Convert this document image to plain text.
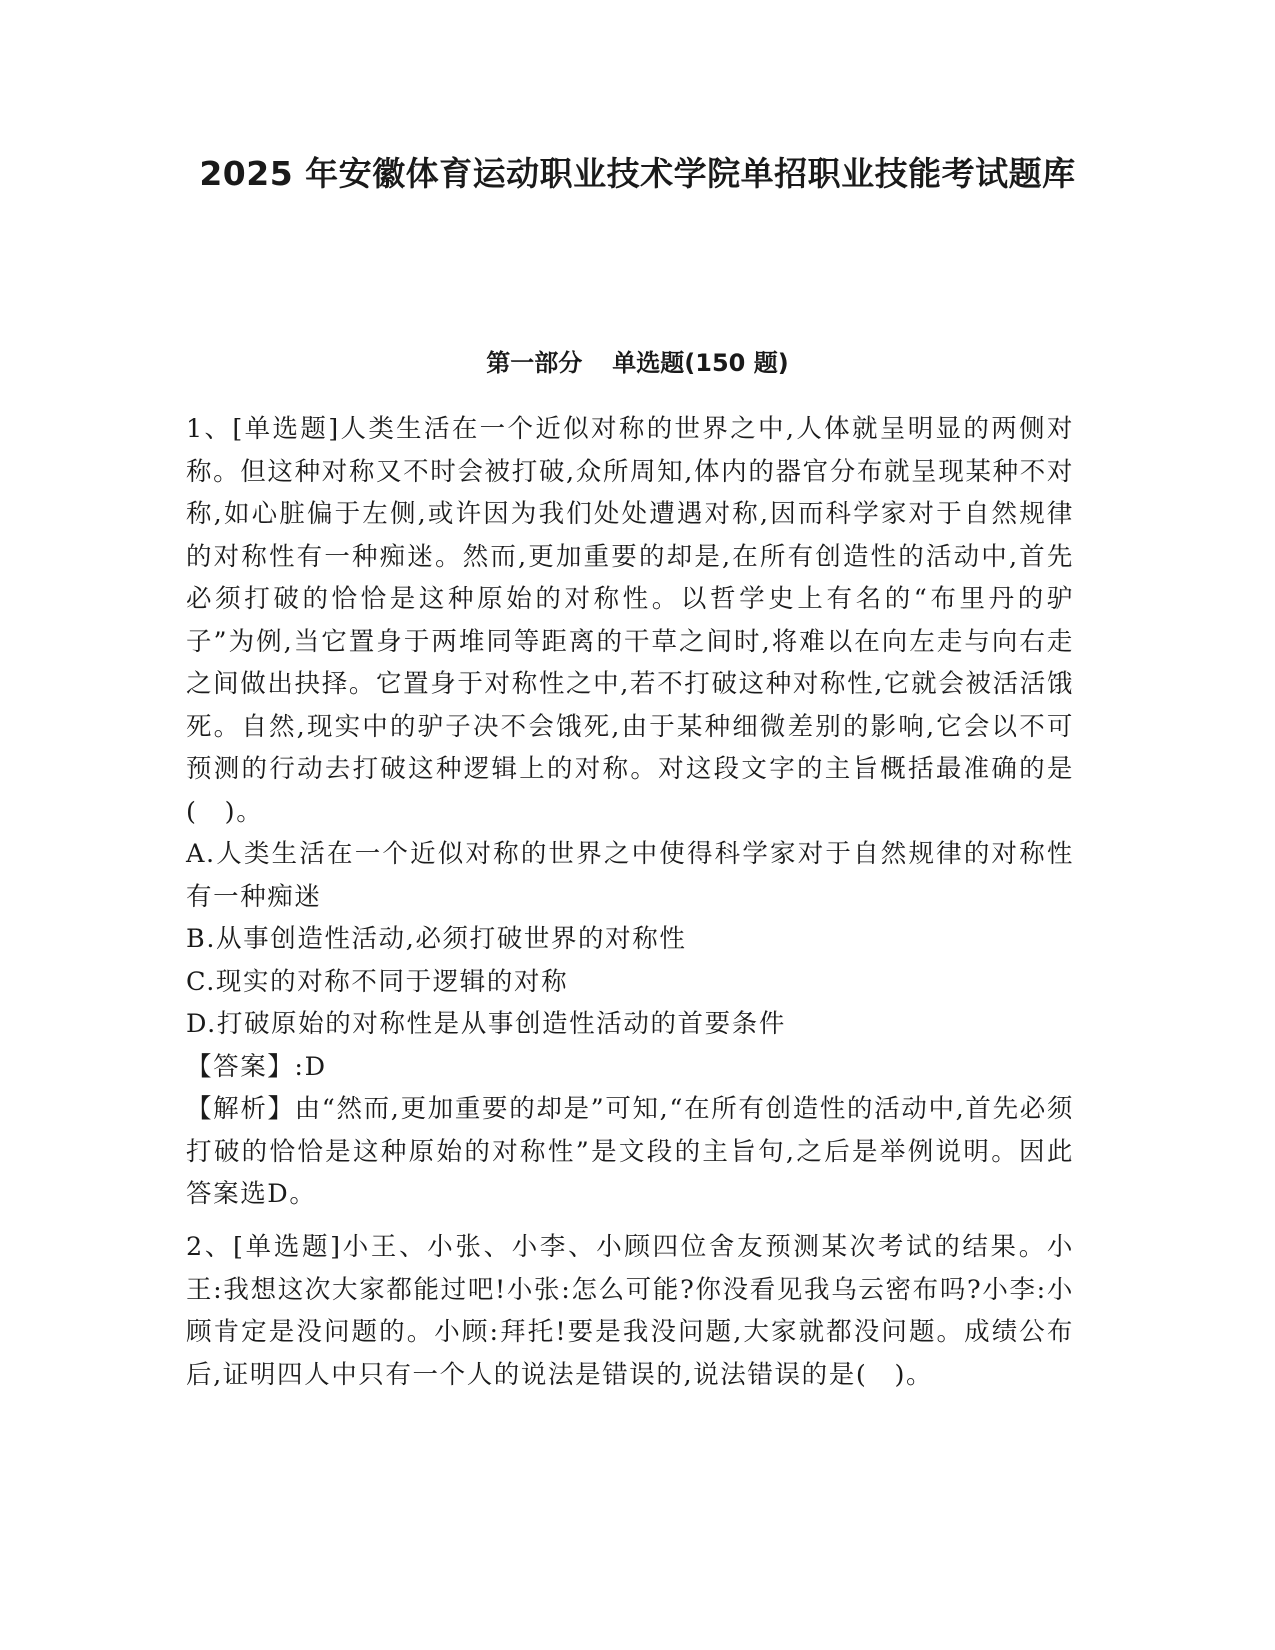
2025 年安徽体育运动职业技术学院单招职业技能考试题库
第一部分 单选题(150 题)

1、[单选题]人类生活在一个近似对称的世界之中,人体就呈明显的两侧对称。但这种对称又不时会被打破,众所周知,体内的器官分布就呈现某种不对称,如心脏偏于左侧,或许因为我们处处遭遇对称,因而科学家对于自然规律的对称性有一种痴迷。然而,更加重要的却是,在所有创造性的活动中,首先必须打破的恰恰是这种原始的对称性。以哲学史上有名的“布里丹的驴子”为例,当它置身于两堆同等距离的干草之间时,将难以在向左走与向右走之间做出抉择。它置身于对称性之中,若不打破这种对称性,它就会被活活饿死。自然,现实中的驴子决不会饿死,由于某种细微差别的影响,它会以不可预测的行动去打破这种逻辑上的对称。对这段文字的主旨概括最准确的是(　)。

A.人类生活在一个近似对称的世界之中使得科学家对于自然规律的对称性有一种痴迷

B.从事创造性活动,必须打破世界的对称性

C.现实的对称不同于逻辑的对称

D.打破原始的对称性是从事创造性活动的首要条件

【答案】:D

【解析】由“然而,更加重要的却是”可知,“在所有创造性的活动中,首先必须打破的恰恰是这种原始的对称性”是文段的主旨句,之后是举例说明。因此答案选D。

2、[单选题]小王、小张、小李、小顾四位舍友预测某次考试的结果。小王:我想这次大家都能过吧!小张:怎么可能?你没看见我乌云密布吗?小李:小顾肯定是没问题的。小顾:拜托!要是我没问题,大家就都没问题。成绩公布后,证明四人中只有一个人的说法是错误的,说法错误的是(　)。
